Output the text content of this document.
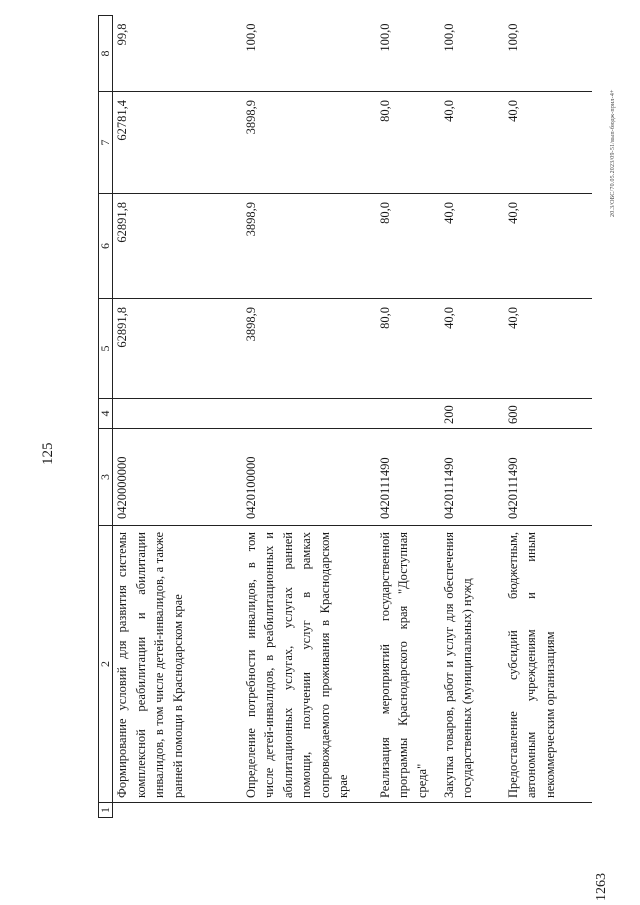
125
1	2	3	4	5	6	7	8
	Формирование условий для развития системы комплексной реабилитации и абилитации инвалидов, в том числе детей-инвалидов, а также ранней помощи в Краснодарском крае	0420000000		62891,8	62891,8	62781,4	99,8
	Определение потребности инвалидов, в том числе детей-инвалидов, в реабилитационных и абилитационных услугах, услугах ранней помощи, получении услуг в рамках сопровождаемого проживания в Краснодарском крае	0420100000		3898,9	3898,9	3898,9	100,0
	Реализация мероприятий государственной программы Краснодарского края "Доступная среда"	0420111490		80,0	80,0	80,0	100,0
	Закупка товаров, работ и услуг для обеспечения государственных (муниципальных) нужд	0420111490	200	40,0	40,0	40,0	100,0
	Предоставление субсидий бюджетным, автономным учреждениям и иным некоммерческим организациям	0420111490	600	40,0	40,0	40,0	100,0
1263
20.3/OБС/70.05.2023/09-51/вып-бюдж-прил-4+
